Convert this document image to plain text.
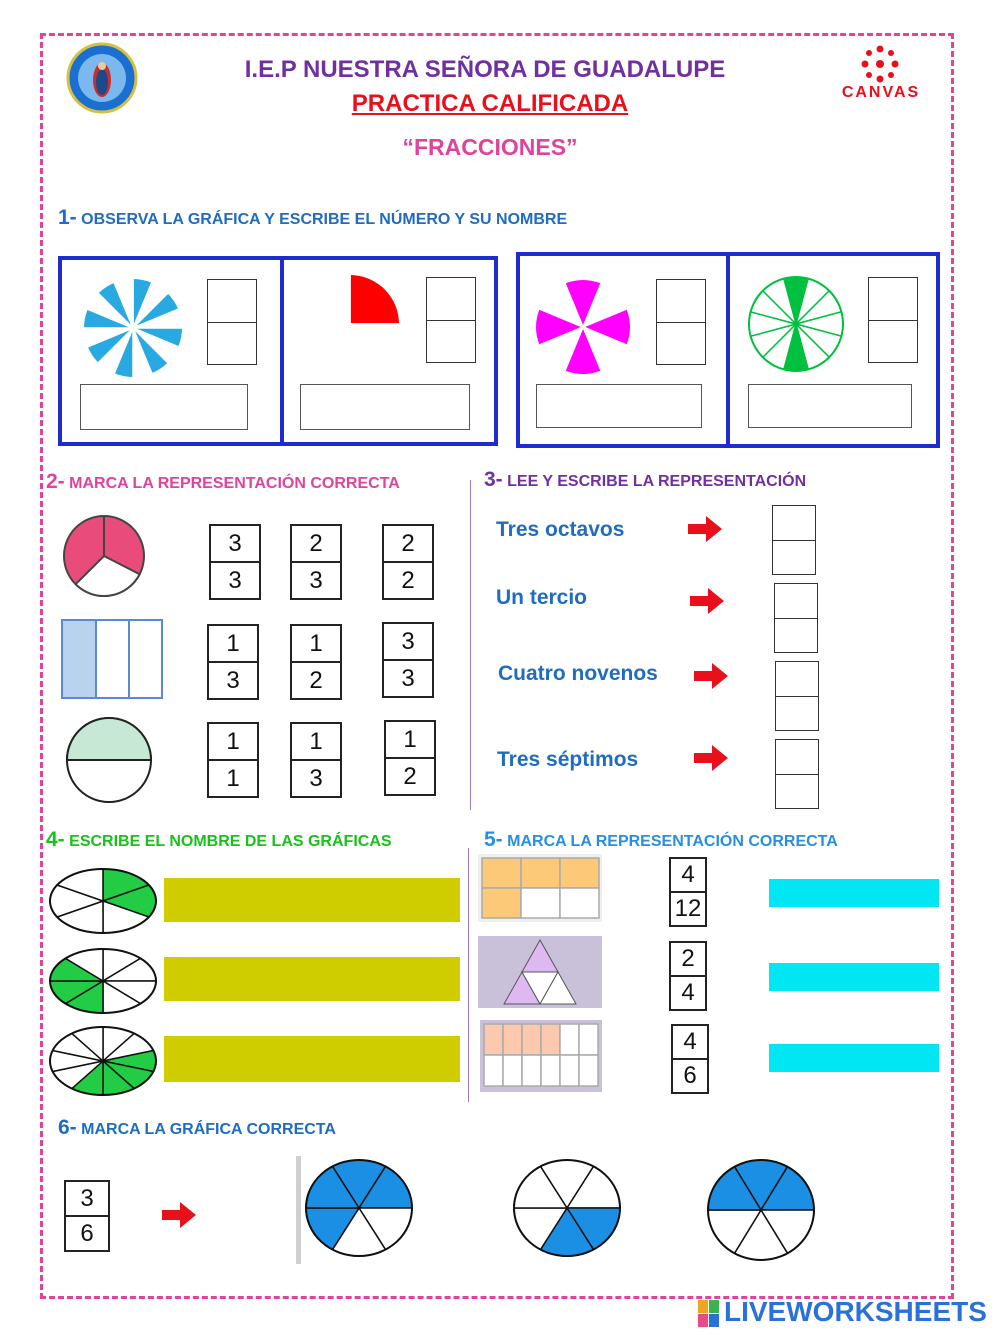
I.E.P NUESTRA SEÑORA DE GUADALUPE
PRACTICA CALIFICADA
“FRACCIONES”
CANVAS
1- OBSERVA LA GRÁFICA Y ESCRIBE EL NÚMERO Y SU NOMBRE
2- MARCA LA REPRESENTACIÓN CORRECTA
3
3
2
3
2
2
1
3
1
2
3
3
1
1
1
3
1
2
3- LEE Y ESCRIBE LA REPRESENTACIÓN
Tres octavos
Un tercio
Cuatro novenos
Tres séptimos
4- ESCRIBE EL NOMBRE DE LAS GRÁFICAS	5- MARCA LA REPRESENTACIÓN CORRECTA
4
12
2
4
4
6
6- MARCA LA GRÁFICA CORRECTA
3
6
LIVEWORKSHEETS
